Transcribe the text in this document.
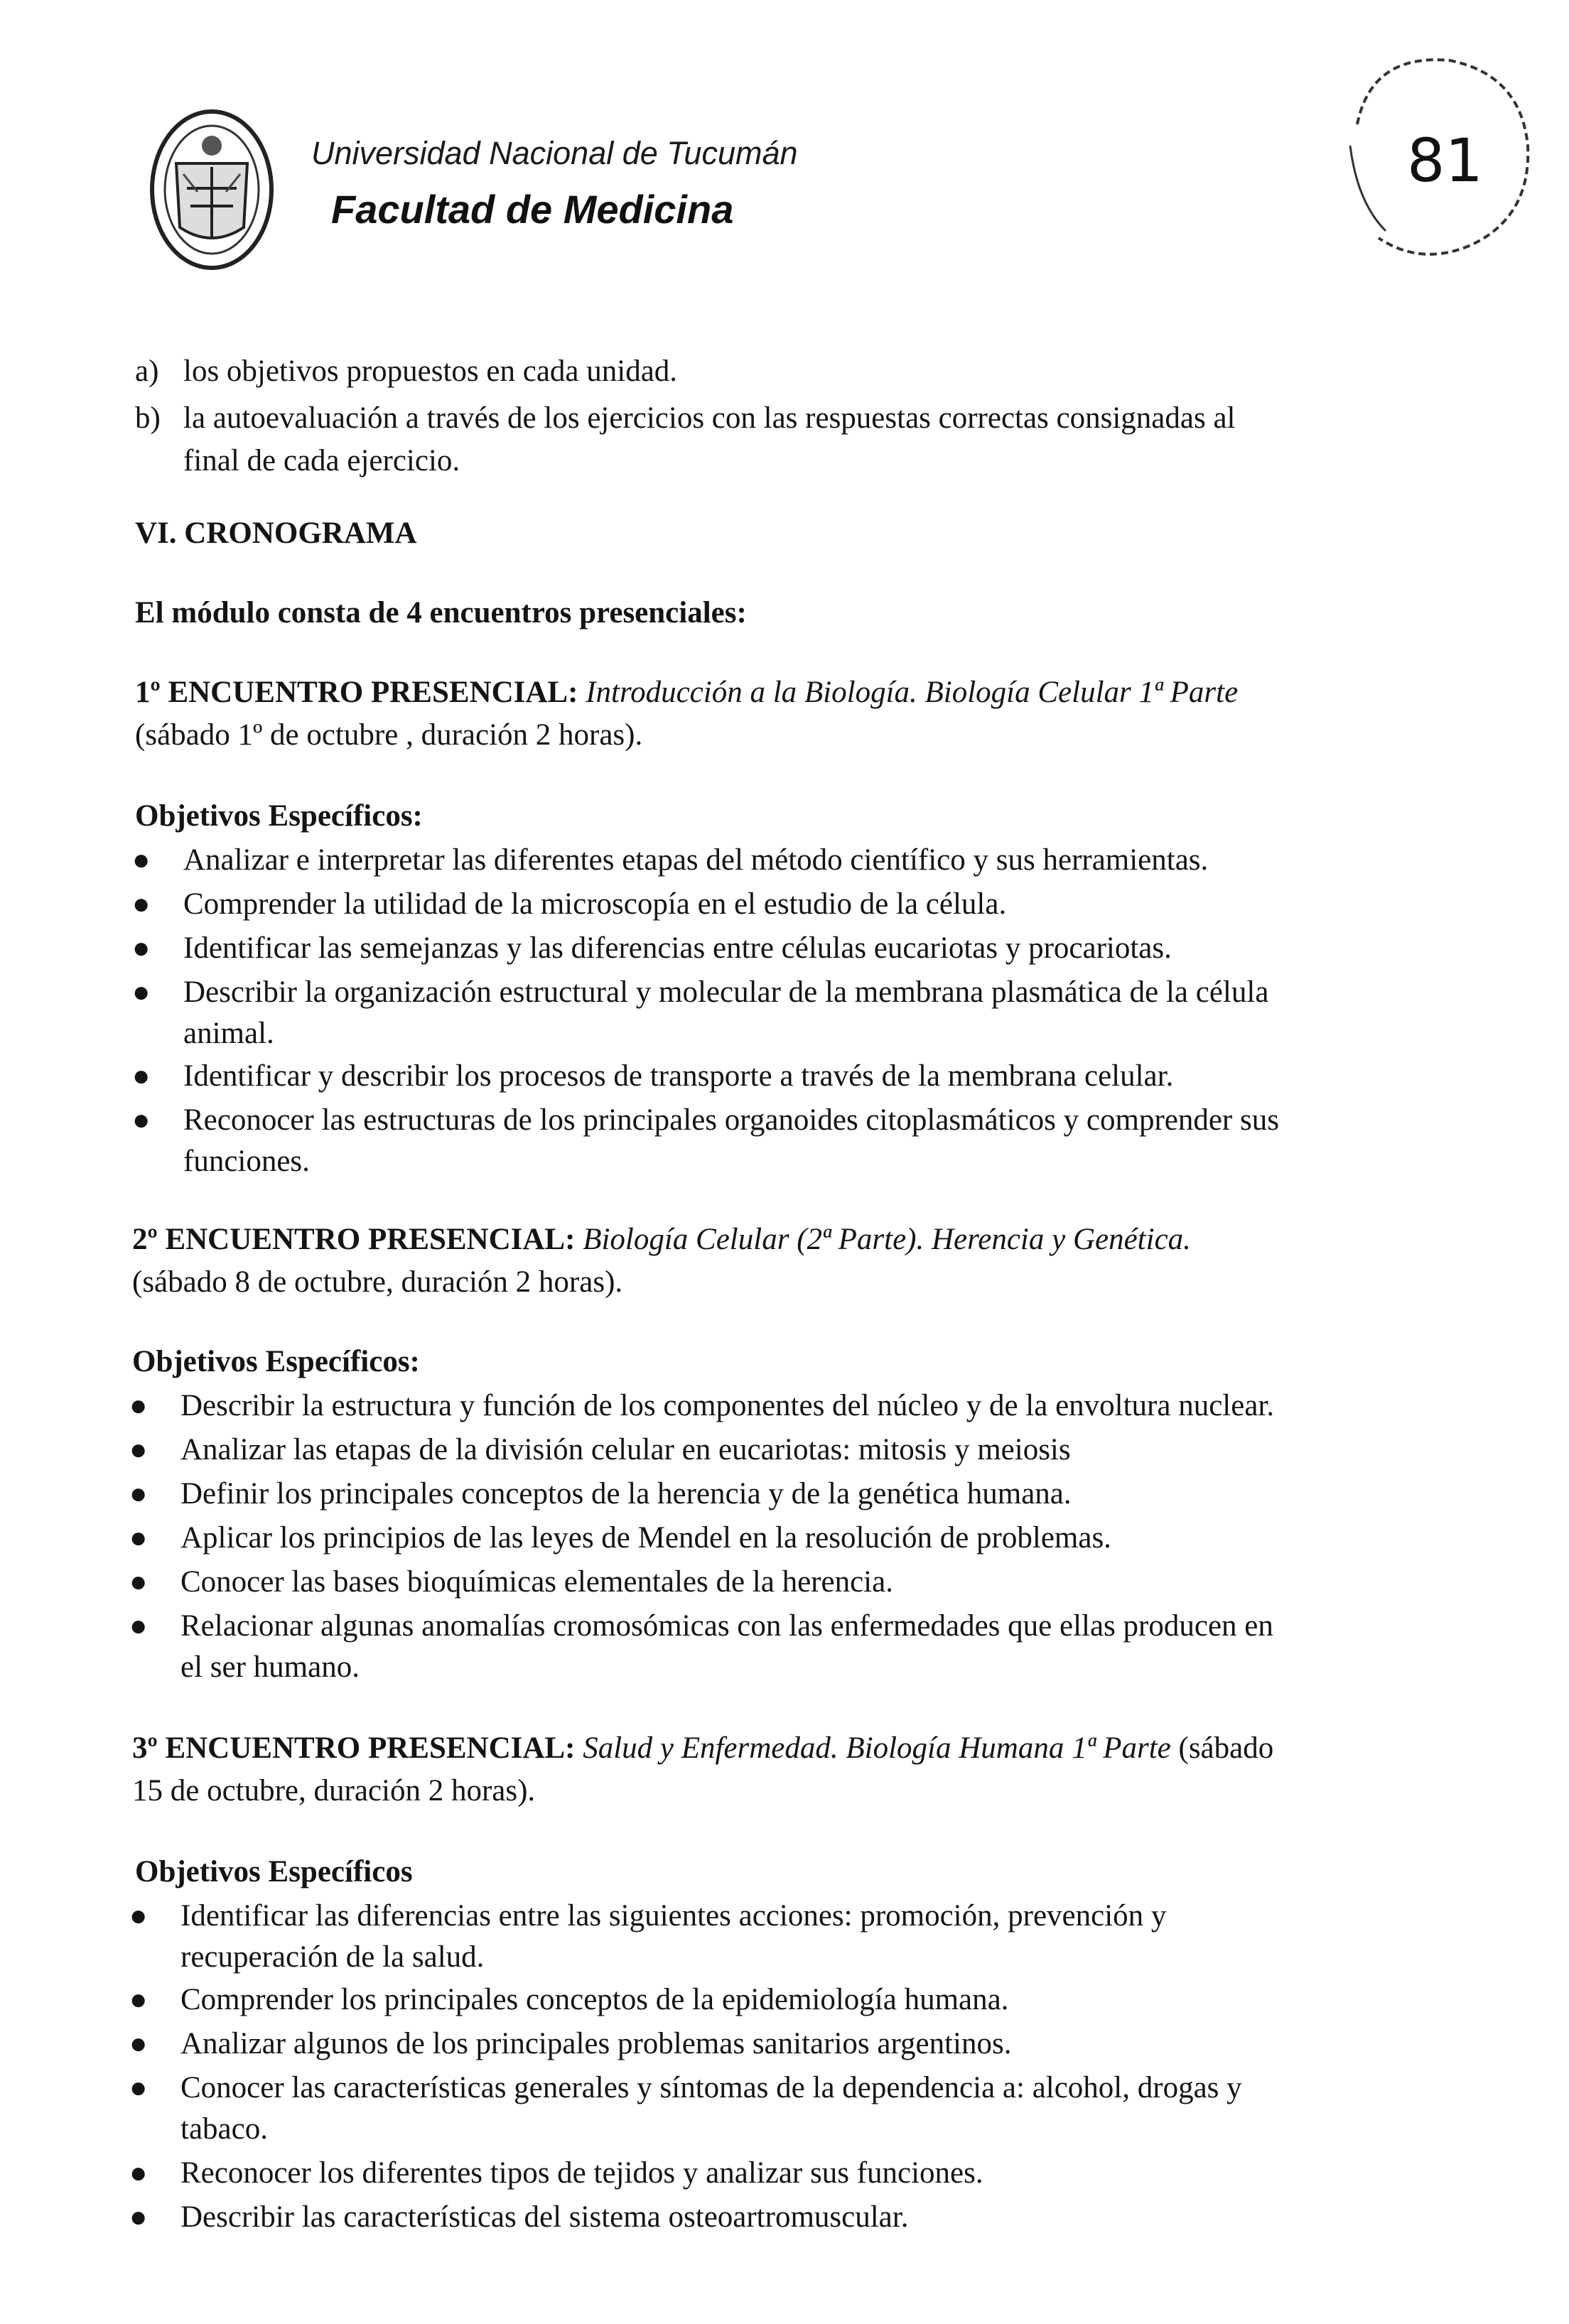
Universidad Nacional de Tucumán
Facultad de Medicina
81
a) los objetivos propuestos en cada unidad.
b) la autoevaluación a través de los ejercicios con las respuestas correctas consignadas al
final de cada ejercicio.
VI. CRONOGRAMA
El módulo consta de 4 encuentros presenciales:
1º ENCUENTRO PRESENCIAL: Introducción a la Biología. Biología Celular 1ª Parte
(sábado 1º de octubre , duración 2 horas).
Objetivos Específicos:
● Analizar e interpretar las diferentes etapas del método científico y sus herramientas.
● Comprender la utilidad de la microscopía en el estudio de la célula.
● Identificar las semejanzas y las diferencias entre células eucariotas y procariotas.
● Describir la organización estructural y molecular de la membrana plasmática de la célula
animal.
● Identificar y describir los procesos de transporte a través de la membrana celular.
● Reconocer las estructuras de los principales organoides citoplasmáticos y comprender sus
funciones.
2º ENCUENTRO PRESENCIAL: Biología Celular (2ª Parte). Herencia y Genética.
(sábado 8 de octubre, duración 2 horas).
Objetivos Específicos:
● Describir la estructura y función de los componentes del núcleo y de la envoltura nuclear.
● Analizar las etapas de la división celular en eucariotas: mitosis y meiosis
● Definir los principales conceptos de la herencia y de la genética humana.
● Aplicar los principios de las leyes de Mendel en la resolución de problemas.
● Conocer las bases bioquímicas elementales de la herencia.
● Relacionar algunas anomalías cromosómicas con las enfermedades que ellas producen en
el ser humano.
3º ENCUENTRO PRESENCIAL: Salud y Enfermedad. Biología Humana 1ª Parte (sábado
15 de octubre, duración 2 horas).
Objetivos Específicos
● Identificar las diferencias entre las siguientes acciones: promoción, prevención y
recuperación de la salud.
● Comprender los principales conceptos de la epidemiología humana.
● Analizar algunos de los principales problemas sanitarios argentinos.
● Conocer las características generales y síntomas de la dependencia a: alcohol, drogas y
tabaco.
● Reconocer los diferentes tipos de tejidos y analizar sus funciones.
● Describir las características del sistema osteoartromuscular.
